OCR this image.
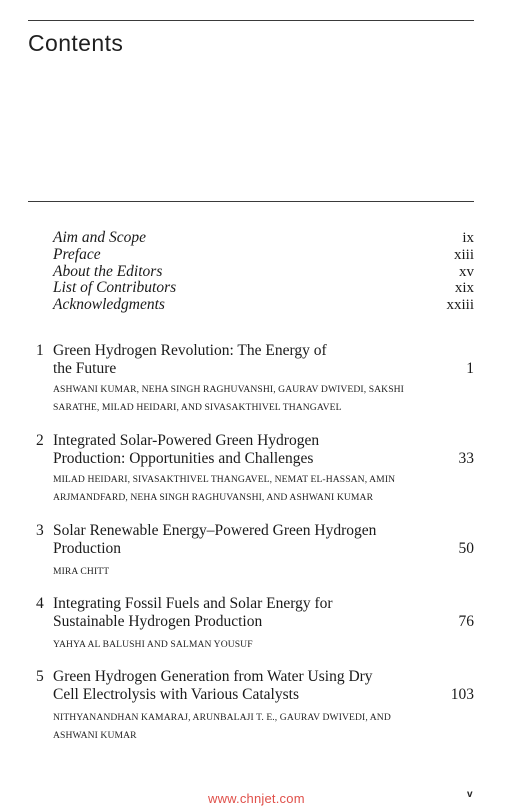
Contents
Aim and Scope	ix
Preface	xiii
About the Editors	xv
List of Contributors	xix
Acknowledgments	xxiii
1 Green Hydrogen Revolution: The Energy of the Future	1
ASHWANI KUMAR, NEHA SINGH RAGHUVANSHI, GAURAV DWIVEDI, SAKSHI SARATHE, MILAD HEIDARI, AND SIVASAKTHIVEL THANGAVEL
2 Integrated Solar-Powered Green Hydrogen Production: Opportunities and Challenges	33
MILAD HEIDARI, SIVASAKTHIVEL THANGAVEL, NEMAT EL-HASSAN, AMIN ARJMANDFARD, NEHA SINGH RAGHUVANSHI, AND ASHWANI KUMAR
3 Solar Renewable Energy–Powered Green Hydrogen Production	50
MIRA CHITT
4 Integrating Fossil Fuels and Solar Energy for Sustainable Hydrogen Production	76
YAHYA AL BALUSHI AND SALMAN YOUSUF
5 Green Hydrogen Generation from Water Using Dry Cell Electrolysis with Various Catalysts	103
NITHYANANDHAN KAMARAJ, ARUNBALAJI T. E., GAURAV DWIVEDI, AND ASHWANI KUMAR
www.chnjet.com	v
